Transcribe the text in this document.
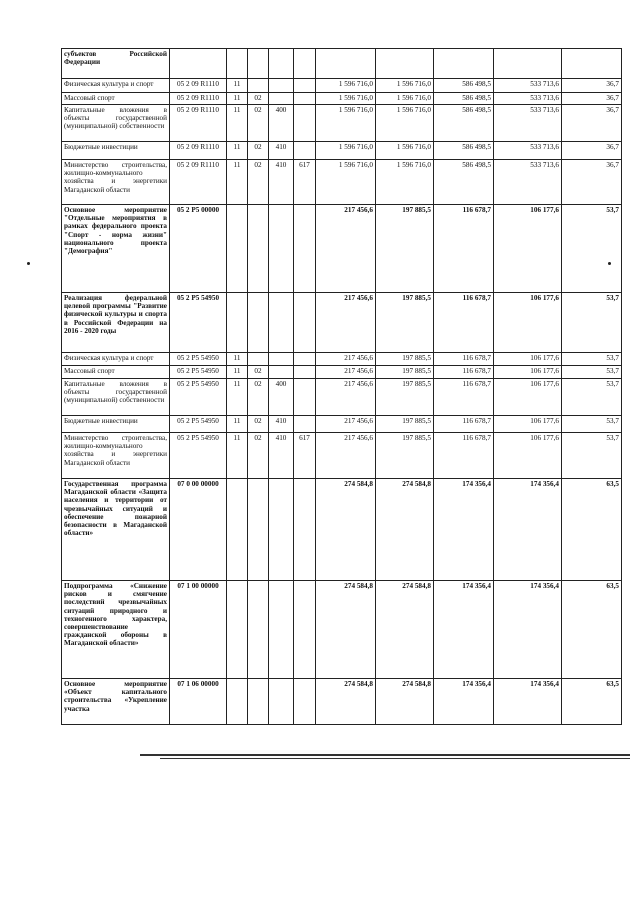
субъектов Российской Федерации										
Физическая культура и спорт	05 2 09 R1110	11				1 596 716,0	1 596 716,0	586 498,5	533 713,6	36,7
Массовый спорт	05 2 09 R1110	11	02			1 596 716,0	1 596 716,0	586 498,5	533 713,6	36,7
Капитальные вложения в объекты государственной (муниципальной) собственности	05 2 09 R1110	11	02	400		1 596 716,0	1 596 716,0	586 498,5	533 713,6	36,7
Бюджетные инвестиции	05 2 09 R1110	11	02	410		1 596 716,0	1 596 716,0	586 498,5	533 713,6	36,7
Министерство строительства, жилищно-коммунального хозяйства и энергетики Магаданской области	05 2 09 R1110	11	02	410	617	1 596 716,0	1 596 716,0	586 498,5	533 713,6	36,7
Основное мероприятие "Отдельные мероприятия в рамках федерального проекта "Спорт - норма жизни" национального проекта "Демография"	05 2 P5 00000					217 456,6	197 885,5	116 678,7	106 177,6	53,7
Реализация федеральной целевой программы "Развитие физической культуры и спорта в Российской Федерации на 2016 - 2020 годы	05 2 P5 54950					217 456,6	197 885,5	116 678,7	106 177,6	53,7
Физическая культура и спорт	05 2 P5 54950	11				217 456,6	197 885,5	116 678,7	106 177,6	53,7
Массовый спорт	05 2 P5 54950	11	02			217 456,6	197 885,5	116 678,7	106 177,6	53,7
Капитальные вложения в объекты государственной (муниципальной) собственности	05 2 P5 54950	11	02	400		217 456,6	197 885,5	116 678,7	106 177,6	53,7
Бюджетные инвестиции	05 2 P5 54950	11	02	410		217 456,6	197 885,5	116 678,7	106 177,6	53,7
Министерство строительства, жилищно-коммунального хозяйства и энергетики Магаданской области	05 2 P5 54950	11	02	410	617	217 456,6	197 885,5	116 678,7	106 177,6	53,7
Государственная программа Магаданской области «Защита населения и территории от чрезвычайных ситуаций и обеспечение пожарной безопасности в Магаданской области»	07 0 00 00000					274 584,8	274 584,8	174 356,4	174 356,4	63,5
Подпрограмма «Снижение рисков и смягчение последствий чрезвычайных ситуаций природного и техногенного характера, совершенствование гражданской обороны в Магаданской области»	07 1 00 00000					274 584,8	274 584,8	174 356,4	174 356,4	63,5
Основное мероприятие «Объект капитального строительства «Укрепление участка	07 1 06 00000					274 584,8	274 584,8	174 356,4	174 356,4	63,5
